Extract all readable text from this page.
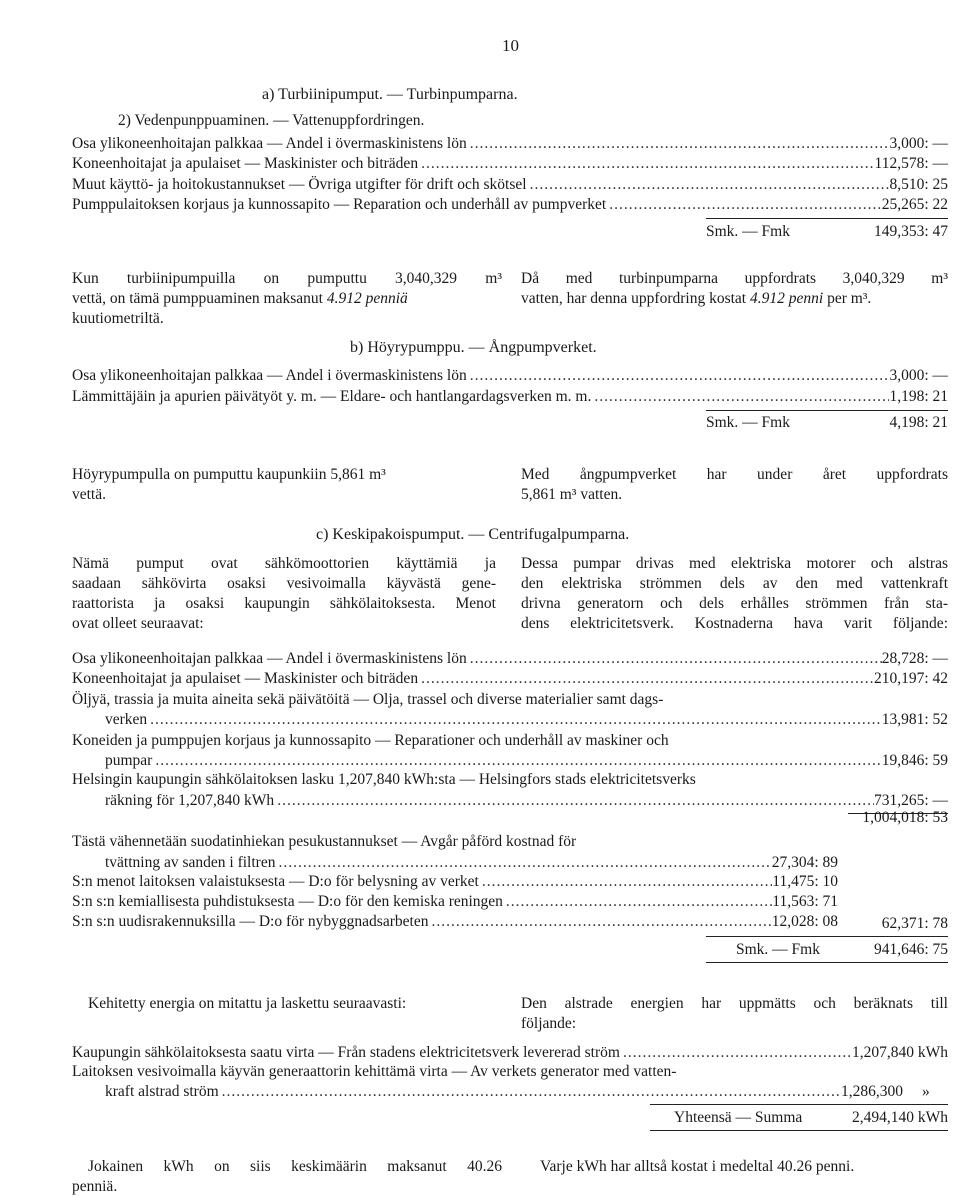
10
a) Turbiinipumput. — Turbinpumparna.
2) Vedenpunppuaminen. — Vattenuppfordringen.
Osa ylikoneenhoitajan palkkaa — Andel i övermaskinistens lön .....	3,000: —
Koneenhoitajat ja apulaiset — Maskinister och biträden .....	112,578: —
Muut käyttö- ja hoitokustannukset — Övriga utgifter för drift och skötsel .....	8,510: 25
Pumppulaitoksen korjaus ja kunnossapito — Reparation och underhåll av pumpverket .....	25,265: 22
Smk. — Fmk	149,353: 47
Kun turbiinipumpuilla on pumputtu 3,040,329 m³
vettä, on tämä pumppuaminen maksanut 4.912 penniä
kuutiometriltä.
Då med turbinpumparna uppfordrats 3,040,329 m³
vatten, har denna uppfordring kostat 4.912 penni per m³.
b) Höyrypumppu. — Ångpumpverket.
Osa ylikoneenhoitajan palkkaa — Andel i övermaskinistens lön .....	3,000: —
Lämmittäjäin ja apurien päivätyöt y. m. — Eldare- och hantlangardagsverken m. m. .....	1,198: 21
Smk. — Fmk	4,198: 21
Höyrypumpulla on pumputtu kaupunkiin 5,861 m³
vettä.
Med ångpumpverket har under året uppfordrats
5,861 m³ vatten.
c) Keskipakoispumput. — Centrifugalpumparna.
Nämä pumput ovat sähkömoottorien käyttämiä ja
saadaan sähkövirta osaksi vesivoimalla käyvästä gene-
raattorista ja osaksi kaupungin sähkölaitoksesta. Menot
ovat olleet seuraavat:
Dessa pumpar drivas med elektriska motorer och alstras
den elektriska strömmen dels av den med vattenkraft
drivna generatorn och dels erhålles strömmen från sta-
dens elektricitetsverk. Kostnaderna hava varit följande:
Osa ylikoneenhoitajan palkkaa — Andel i övermaskinistens lön .....	28,728: —
Koneenhoitajat ja apulaiset — Maskinister och biträden .....	210,197: 42
Öljyä, trassia ja muita aineita sekä päivätöitä — Olja, trassel och diverse materialier samt dags-
verken .....	13,981: 52
Koneiden ja pumppujen korjaus ja kunnossapito — Reparationer och underhåll av maskiner och
pumpar .....	19,846: 59
Helsingin kaupungin sähkölaitoksen lasku 1,207,840 kWh:sta — Helsingfors stads elektricitetsverks
räkning för 1,207,840 kWh .....	731,265: —
1,004,018: 53
Tästä vähennetään suodatinhiekan pesukustannukset — Avgår påförd kostnad för
tvättning av sanden i filtren .....	27,304: 89
S:n menot laitoksen valaistuksesta — D:o för belysning av verket .....	11,475: 10
S:n s:n kemiallisesta puhdistuksesta — D:o för den kemiska reningen .....	11,563: 71
S:n s:n uudisrakennuksilla — D:o för nybyggnadsarbeten .....	12,028: 08	62,371: 78
Smk. — Fmk	941,646: 75
Kehitetty energia on mitattu ja laskettu seuraavasti:	Den alstrade energien har uppmätts och beräknats till
följande:
Kaupungin sähkölaitoksesta saatu virta — Från stadens elektricitetsverk levererad ström .....	1,207,840 kWh
Laitoksen vesivoimalla käyvän generaattorin kehittämä virta — Av verkets generator med vatten-
kraft alstrad ström .....	1,286,300 »
Yhteensä — Summa	2,494,140 kWh
Jokainen kWh on siis keskimäärin maksanut 40.26
penniä.
Varje kWh har alltså kostat i medeltal 40.26 penni.
